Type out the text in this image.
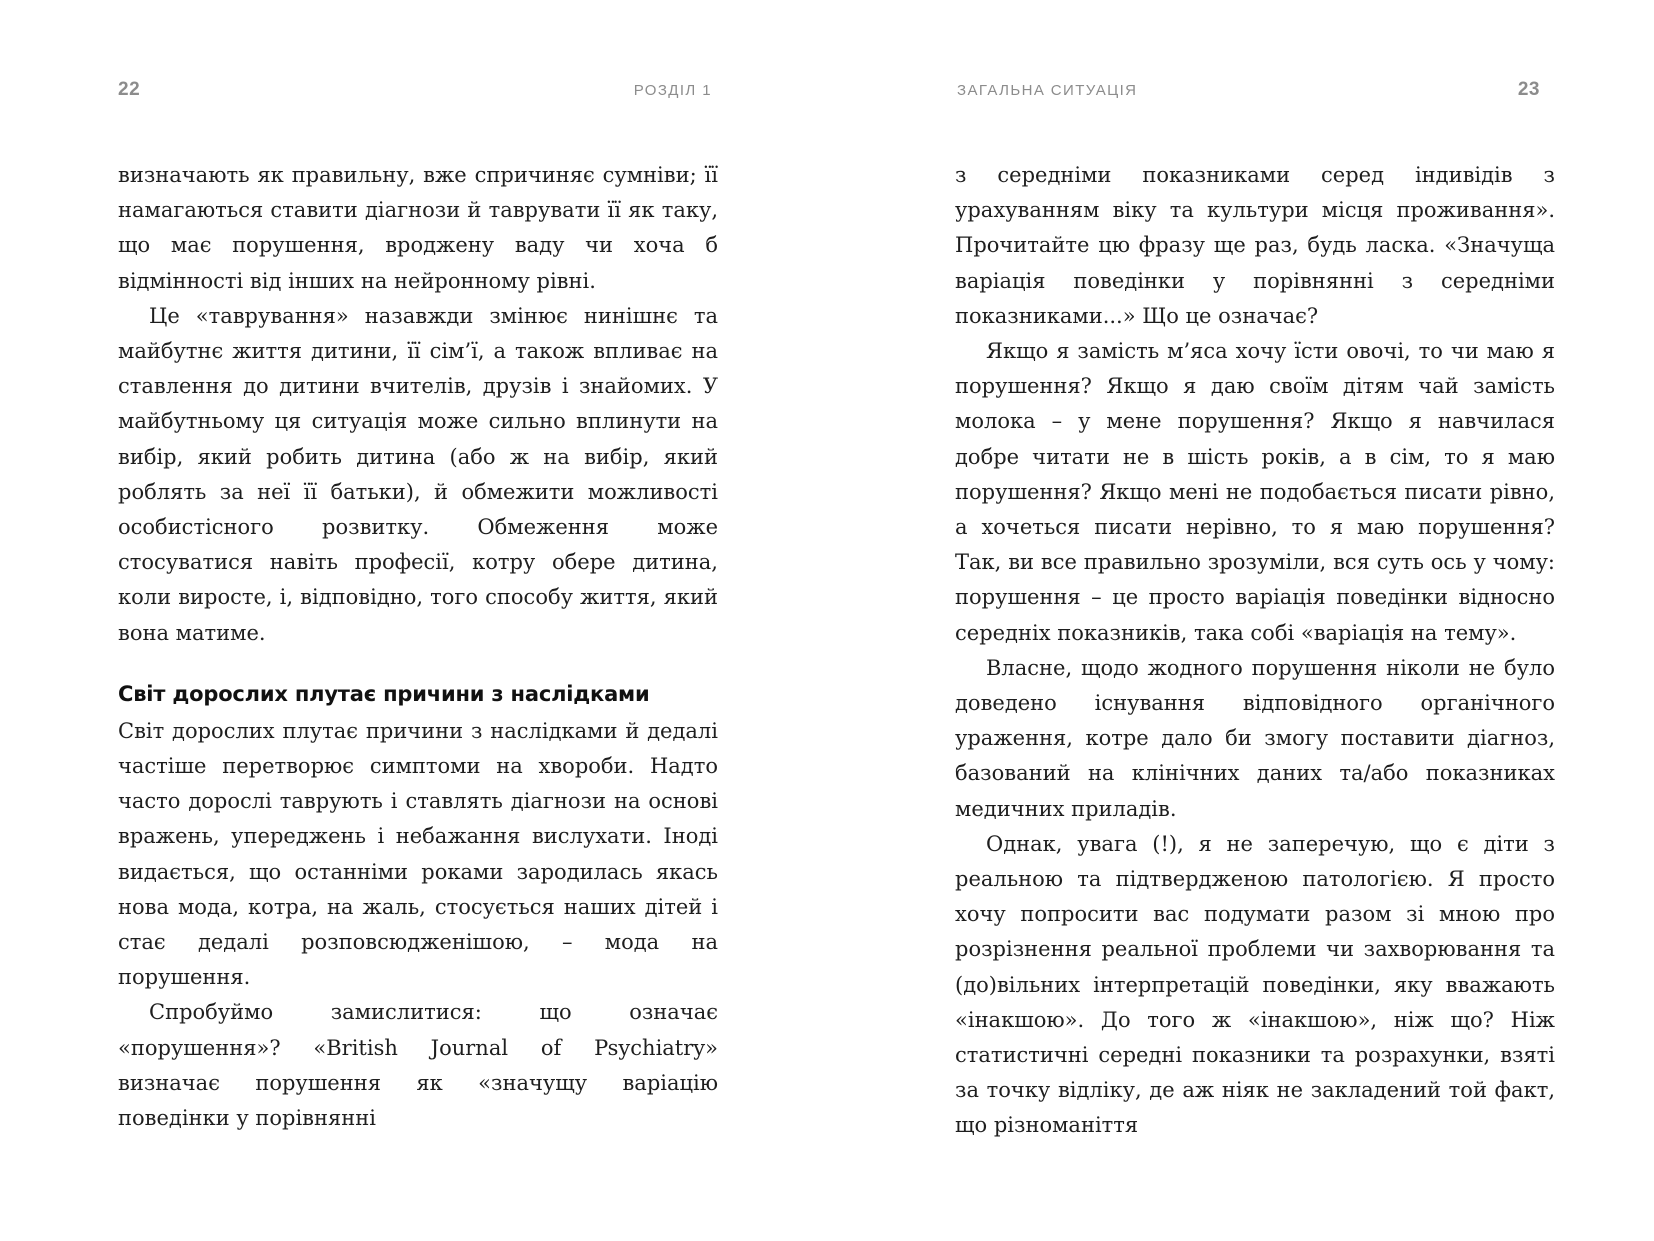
22	РОЗДІЛ 1

визначають як правильну, вже спричиняє сумніви; її намагаються ставити діагнози й таврувати її як таку, що має порушення, вроджену ваду чи хоча б відмінності від інших на нейронному рівні.

Це «таврування» назавжди змінює нинішнє та майбутнє життя дитини, її сім’ї, а також впливає на ставлення до дитини вчителів, друзів і знайомих. У майбутньому ця ситуація може сильно вплинути на вибір, який робить дитина (або ж на вибір, який роблять за неї її батьки), й обмежити можливості особистісного розвитку. Обмеження може стосуватися навіть професії, котру обере дитина, коли виросте, і, відповідно, того способу життя, який вона матиме.

Світ дорослих плутає причини з наслідками

Світ дорослих плутає причини з наслідками й дедалі частіше перетворює симптоми на хвороби. Надто часто дорослі таврують і ставлять діагнози на основі вражень, упереджень і небажання вислухати. Іноді видається, що останніми роками зародилась якась нова мода, котра, на жаль, стосується наших дітей і стає дедалі розповсюдженішою, – мода на порушення.

Спробуймо замислитися: що означає «порушення»? «British Journal of Psychiatry» визначає порушення як «значущу варіацію поведінки у порівнянні

ЗАГАЛЬНА СИТУАЦІЯ	23

з середніми показниками серед індивідів з урахуванням віку та культури місця проживання». Прочитайте цю фразу ще раз, будь ласка. «Значуща варіація поведінки у порівнянні з середніми показниками...» Що це означає?

Якщо я замість м’яса хочу їсти овочі, то чи маю я порушення? Якщо я даю своїм дітям чай замість молока – у мене порушення? Якщо я навчилася добре читати не в шість років, а в сім, то я маю порушення? Якщо мені не подобається писати рівно, а хочеться писати нерівно, то я маю порушення? Так, ви все правильно зрозуміли, вся суть ось у чому: порушення – це просто варіація поведінки відносно середніх показників, така собі «варіація на тему».

Власне, щодо жодного порушення ніколи не було доведено існування відповідного органічного ураження, котре дало би змогу поставити діагноз, базований на клінічних даних та/або показниках медичних приладів.

Однак, увага (!), я не заперечую, що є діти з реальною та підтвердженою патологією. Я просто хочу попросити вас подумати разом зі мною про розрізнення реальної проблеми чи захворювання та (до)вільних інтерпретацій поведінки, яку вважають «інакшою». До того ж «інакшою», ніж що? Ніж статистичні середні показники та розрахунки, взяті за точку відліку, де аж ніяк не закладений той факт, що різноманіття
